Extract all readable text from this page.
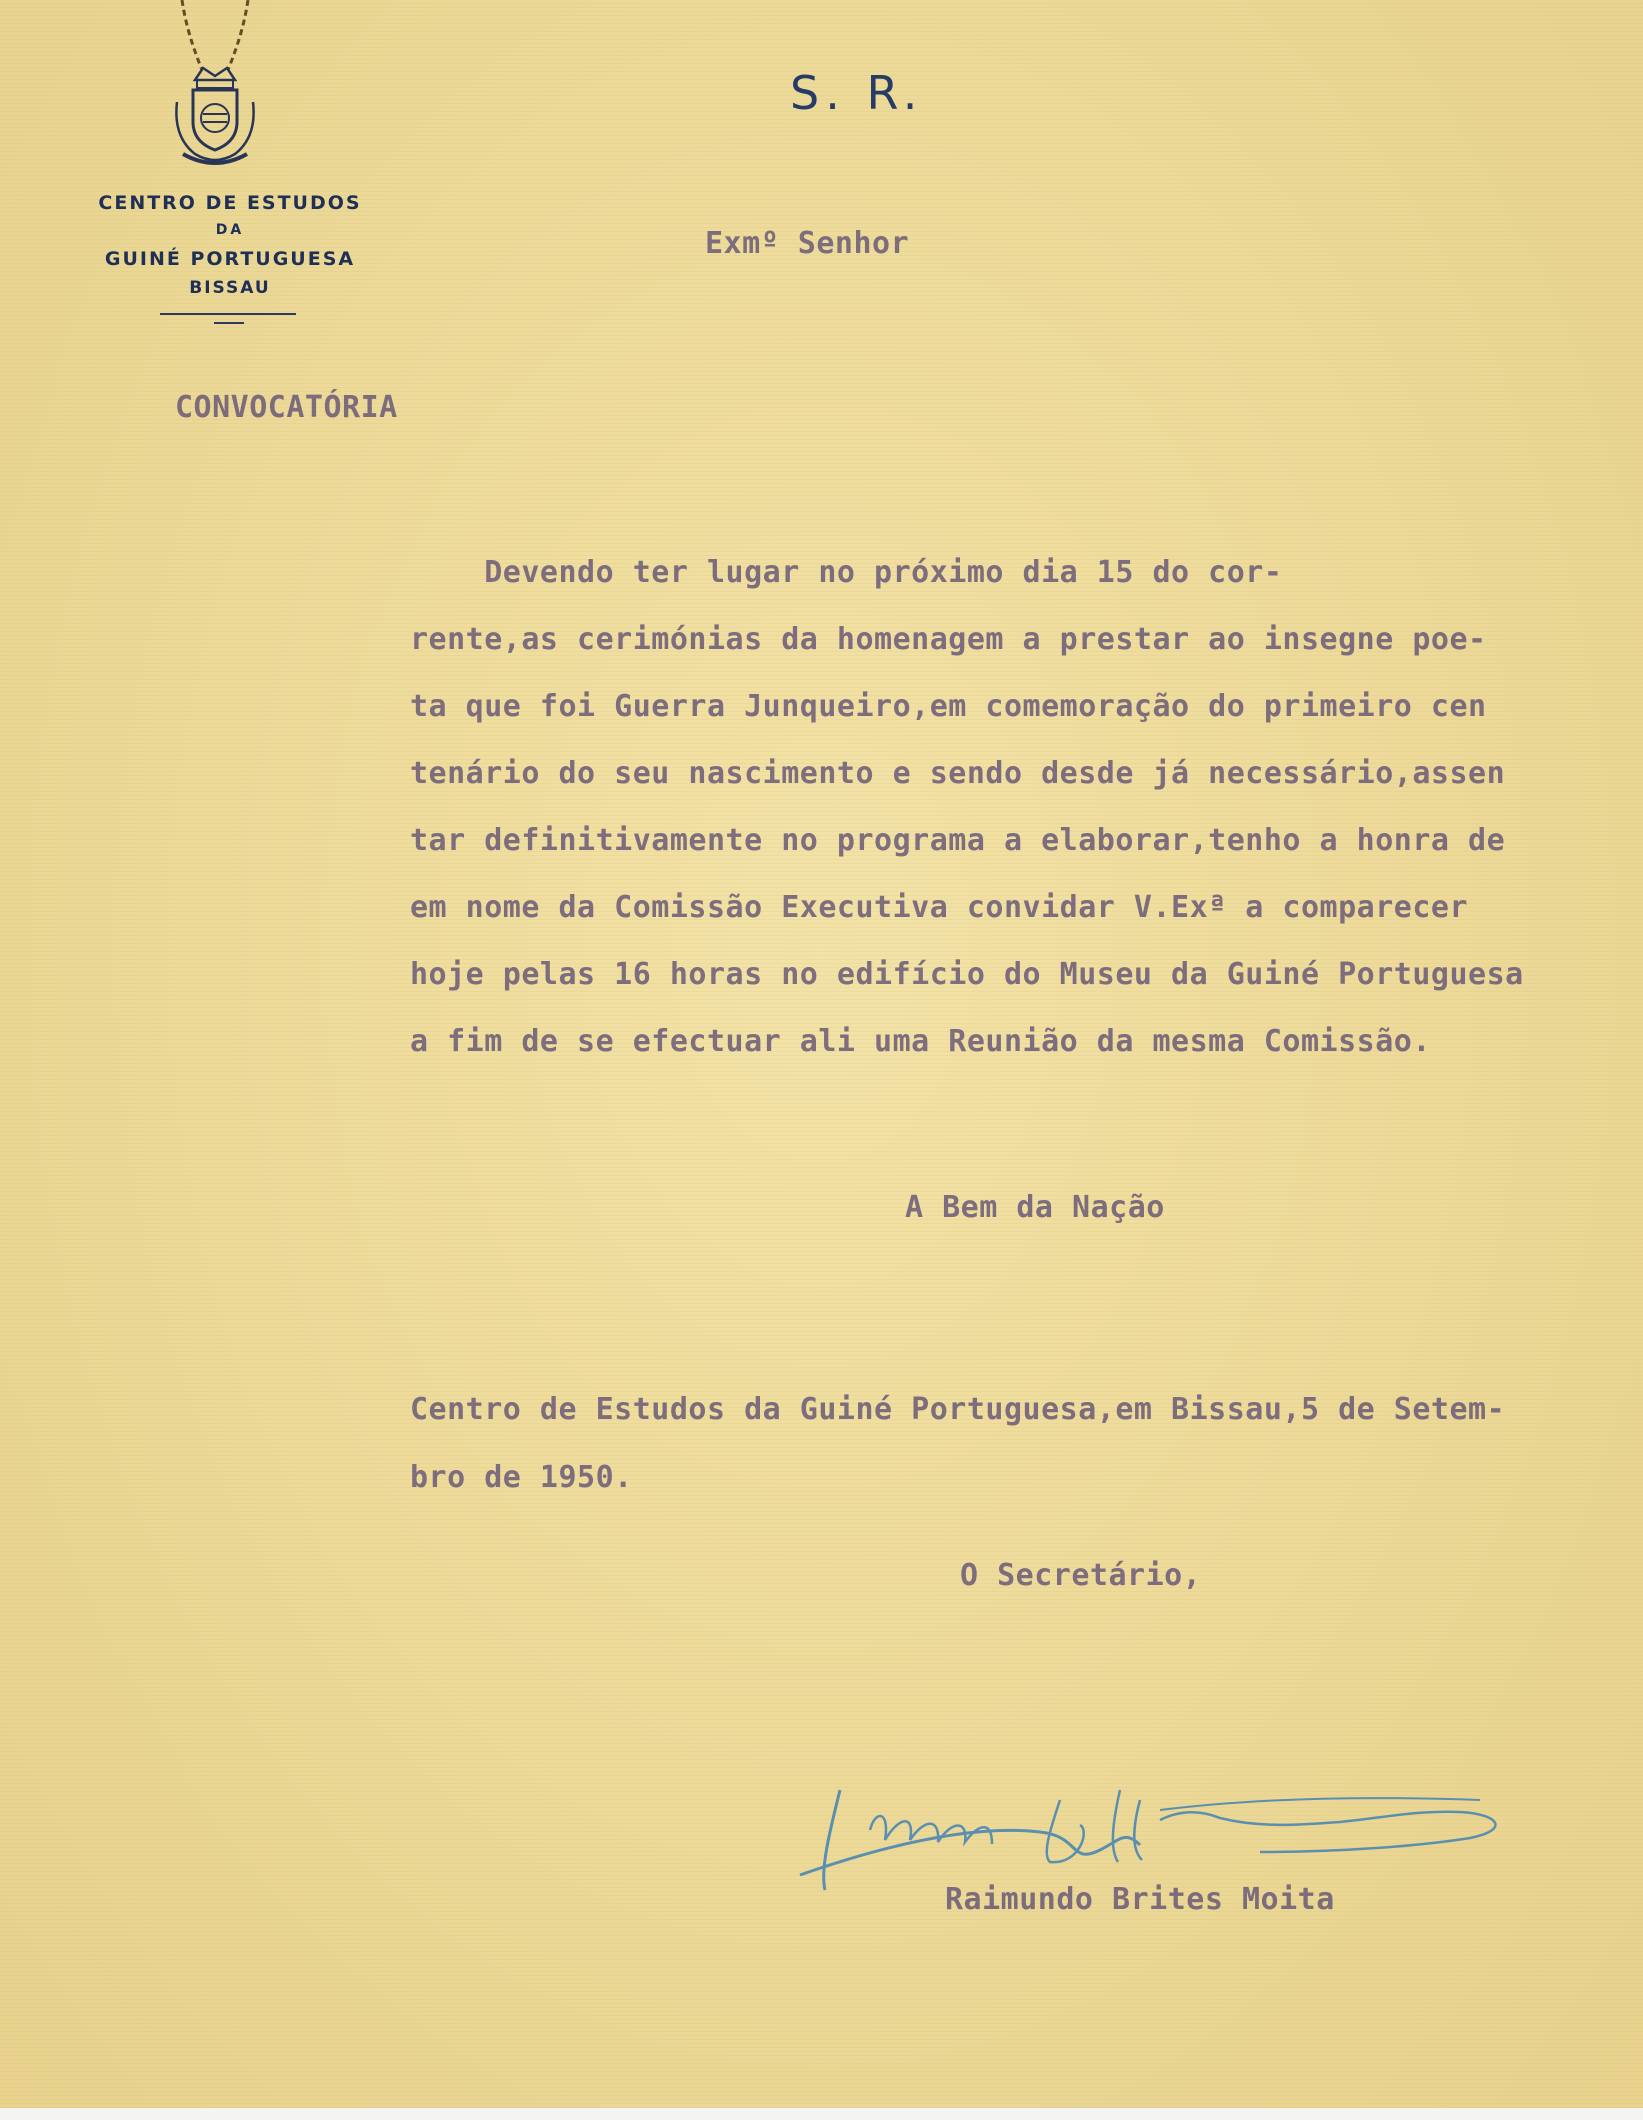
CENTRO DE ESTUDOS
DA
GUINÉ PORTUGUESA
BISSAU
S. R.
Exmº Senhor
CONVOCATÓRIA
Devendo ter lugar no próximo dia 15 do cor-
rente,as cerimónias da homenagem a prestar ao insegne poe-
ta que foi Guerra Junqueiro,em comemoração do primeiro cen
tenário do seu nascimento e sendo desde já necessário,assen
tar definitivamente no programa a elaborar,tenho a honra de
em nome da Comissão Executiva convidar V.Exª a comparecer
hoje pelas 16 horas no edifício do Museu da Guiné Portuguesa
a fim de se efectuar ali uma Reunião da mesma Comissão.
A Bem da Nação
Centro de Estudos da Guiné Portuguesa,em Bissau,5 de Setem-
bro de 1950.
O Secretário,
Raimundo Brites Moita
